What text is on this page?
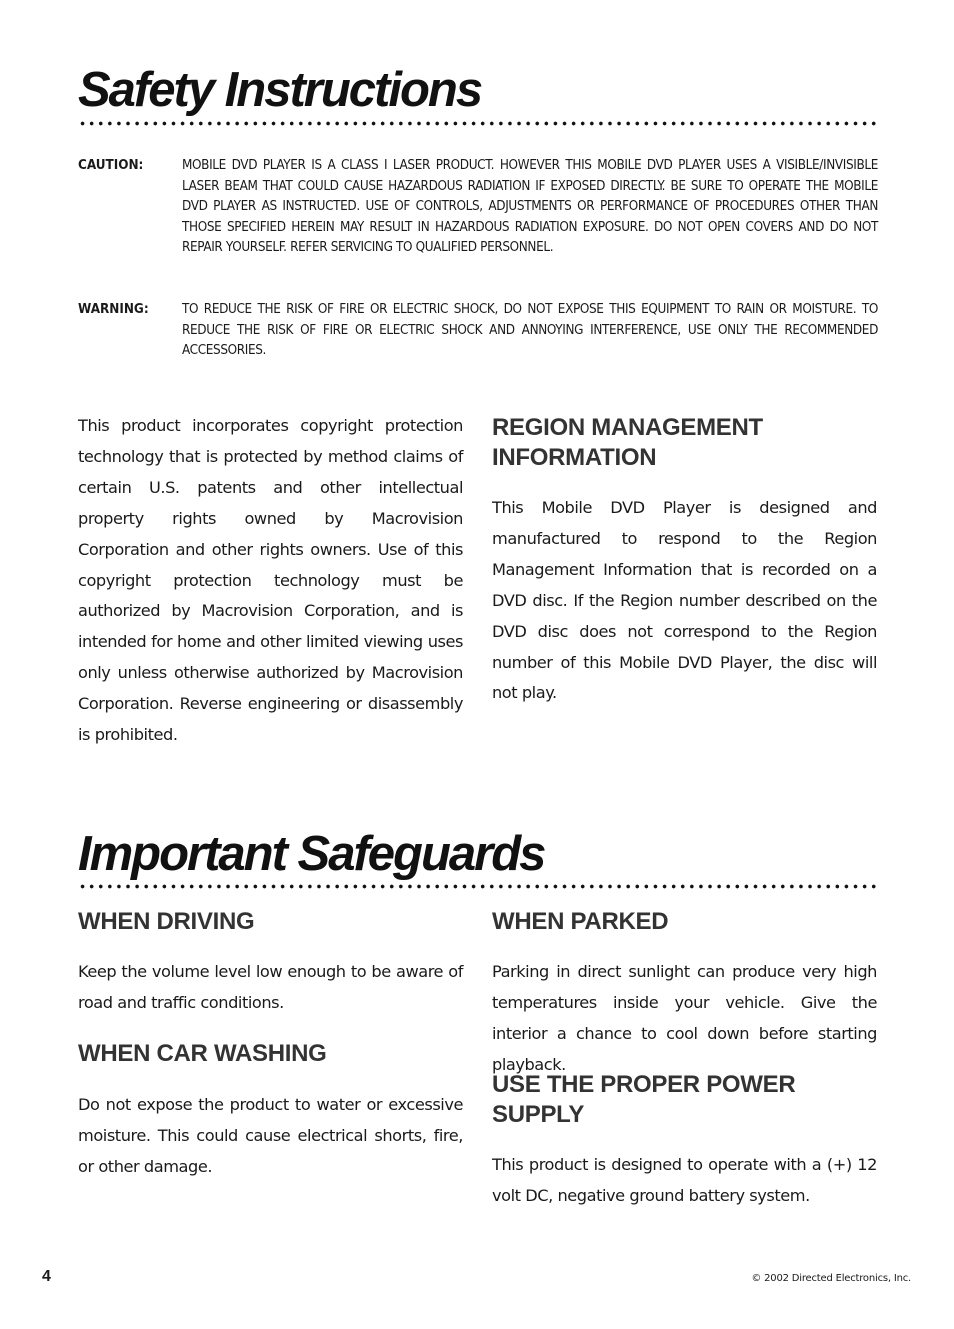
Safety Instructions
CAUTION:	MOBILE DVD PLAYER IS A CLASS I LASER PRODUCT. HOWEVER THIS MOBILE DVD PLAYER USES A VISIBLE/INVISIBLE LASER BEAM THAT COULD CAUSE HAZARDOUS RADIATION IF EXPOSED DIRECTLY. BE SURE TO OPERATE THE MOBILE DVD PLAYER AS INSTRUCTED. USE OF CONTROLS, ADJUSTMENTS OR PERFORMANCE OF PROCEDURES OTHER THAN THOSE SPECIFIED HEREIN MAY RESULT IN HAZARDOUS RADIATION EXPOSURE. DO NOT OPEN COVERS AND DO NOT REPAIR YOURSELF. REFER SERVICING TO QUALIFIED PERSONNEL.
WARNING: TO REDUCE THE RISK OF FIRE OR ELECTRIC SHOCK, DO NOT EXPOSE THIS EQUIPMENT TO RAIN OR MOISTURE. TO REDUCE THE RISK OF FIRE OR ELECTRIC SHOCK AND ANNOYING INTERFERENCE, USE ONLY THE RECOMMENDED ACCESSORIES.

This product incorporates copyright protection technology that is protected by method claims of certain U.S. patents and other intellectual property rights owned by Macrovision Corporation and other rights owners. Use of this copyright protection technology must be authorized by Macrovision Corporation, and is intended for home and other limited viewing uses only unless otherwise authorized by Macrovision Corporation. Reverse engineering or disassembly is prohibited.

REGION MANAGEMENT INFORMATION

This Mobile DVD Player is designed and manufactured to respond to the Region Management Information that is recorded on a DVD disc. If the Region number described on the DVD disc does not correspond to the Region number of this Mobile DVD Player, the disc will not play.

Important Safeguards
WHEN DRIVING

Keep the volume level low enough to be aware of road and traffic conditions.

WHEN CAR WASHING

Do not expose the product to water or excessive moisture. This could cause electrical shorts, fire, or other damage.

WHEN PARKED

Parking in direct sunlight can produce very high temperatures inside your vehicle. Give the interior a chance to cool down before starting playback.

USE THE PROPER POWER SUPPLY

This product is designed to operate with a (+) 12 volt DC, negative ground battery system.

4	© 2002 Directed Electronics, Inc.
